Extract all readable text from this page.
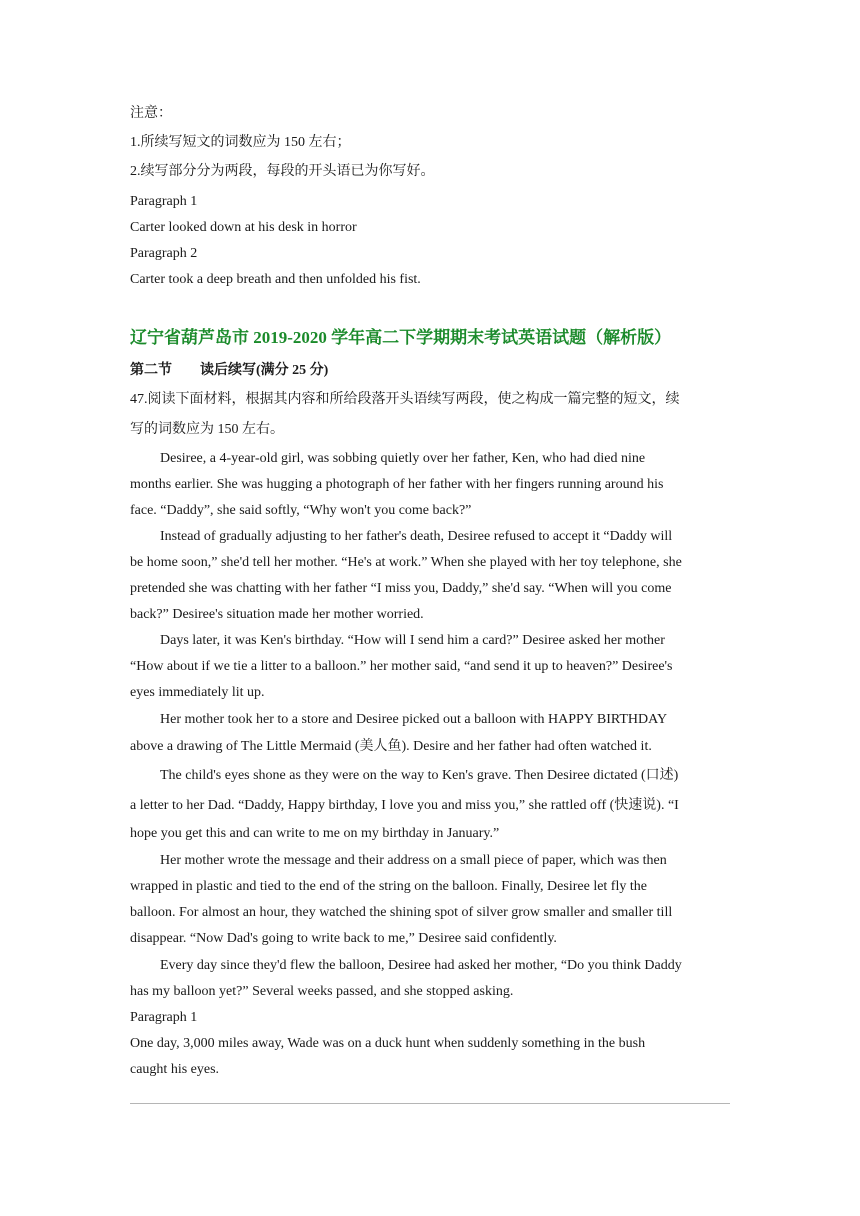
注意：
1.所续写短文的词数应为 150 左右；
2.续写部分分为两段，每段的开头语已为你写好。
Paragraph 1
Carter looked down at his desk in horror
Paragraph 2
Carter took a deep breath and then unfolded his fist.
辽宁省葫芦岛市 2019-2020 学年高二下学期期末考试英语试题（解析版）
第二节　　读后续写(满分 25 分)
47.阅读下面材料，根据其内容和所给段落开头语续写两段，使之构成一篇完整的短文，续
写的词数应为 150 左右。
Desiree, a 4-year-old girl, was sobbing quietly over her father, Ken, who had died nine
months earlier. She was hugging a photograph of her father with her fingers running around his
face. “Daddy”, she said softly, “Why won't you come back?”
Instead of gradually adjusting to her father's death, Desiree refused to accept it “Daddy will
be home soon,” she'd tell her mother. “He's at work.” When she played with her toy telephone, she
pretended she was chatting with her father “I miss you, Daddy,” she'd say. “When will you come
back?” Desiree's situation made her mother worried.
Days later, it was Ken's birthday. “How will I send him a card?” Desiree asked her mother
“How about if we tie a litter to a balloon.” her mother said, “and send it up to heaven?” Desiree's
eyes immediately lit up.
Her mother took her to a store and Desiree picked out a balloon with HAPPY BIRTHDAY
above a drawing of The Little Mermaid (美人鱼). Desire and her father had often watched it.
The child's eyes shone as they were on the way to Ken's grave. Then Desiree dictated (口述)
a letter to her Dad. “Daddy, Happy birthday, I love you and miss you,” she rattled off (快速说). “I
hope you get this and can write to me on my birthday in January.”
Her mother wrote the message and their address on a small piece of paper, which was then
wrapped in plastic and tied to the end of the string on the balloon. Finally, Desiree let fly the
balloon. For almost an hour, they watched the shining spot of silver grow smaller and smaller till
disappear. “Now Dad's going to write back to me,” Desiree said confidently.
Every day since they'd flew the balloon, Desiree had asked her mother, “Do you think Daddy
has my balloon yet?” Several weeks passed, and she stopped asking.
Paragraph 1
One day, 3,000 miles away, Wade was on a duck hunt when suddenly something in the bush
caught his eyes.
